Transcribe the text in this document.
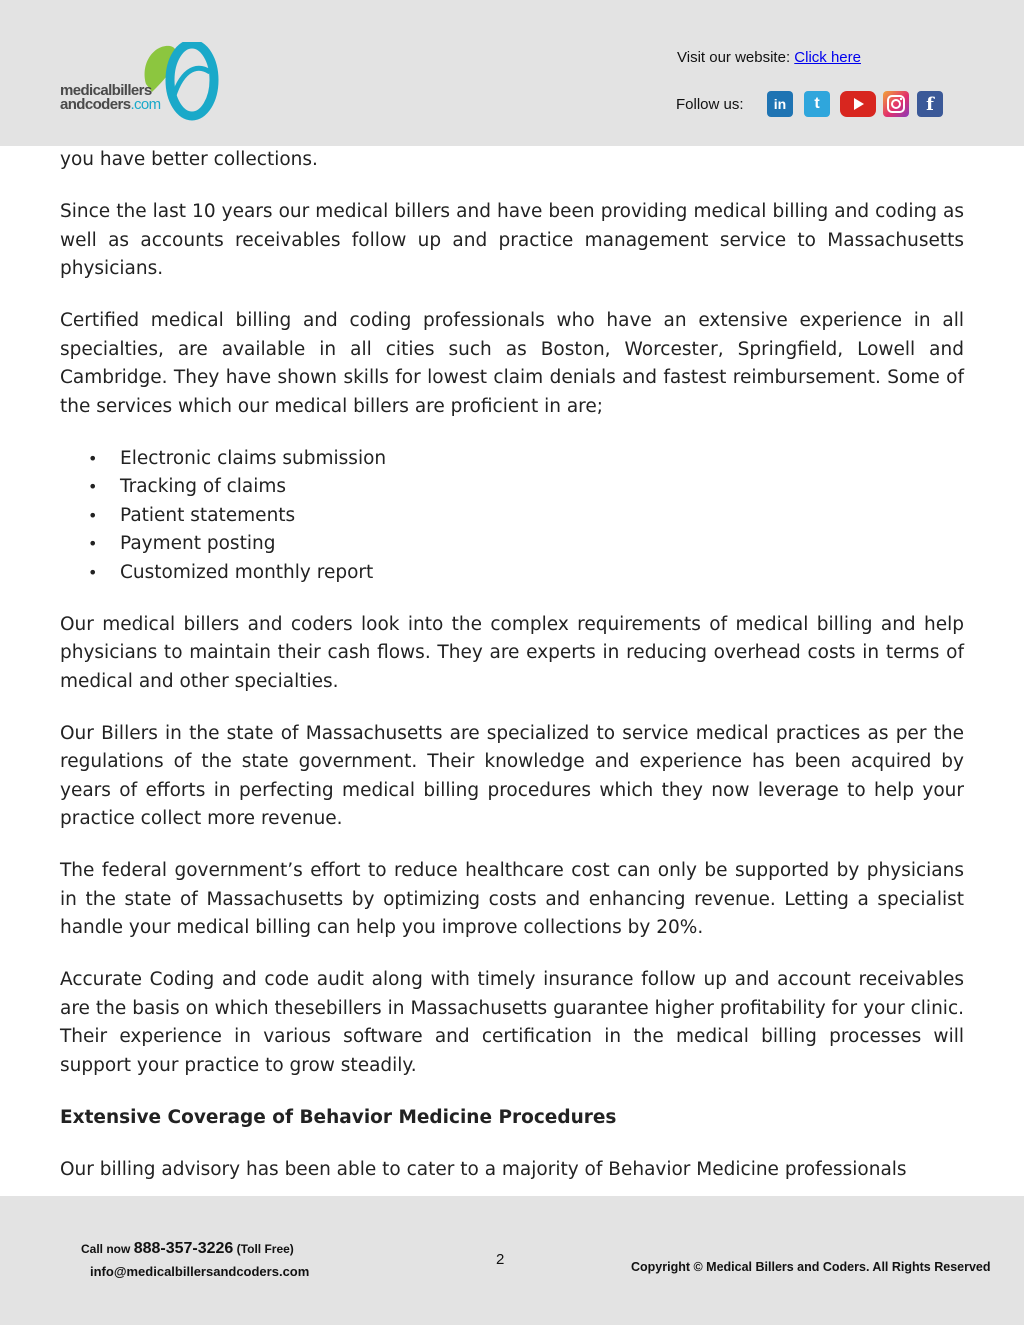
medicalbillers
andcoders.com
Visit our website: Click here
Follow us:	in	t	f

you have better collections.

Since the last 10 years our medical billers and have been providing medical billing and coding as well as accounts receivables follow up and practice management service to Massachusetts physicians.

Certified medical billing and coding professionals who have an extensive experience in all specialties, are available in all cities such as Boston, Worcester, Springfield, Lowell and Cambridge. They have shown skills for lowest claim denials and fastest reimbursement. Some of the services which our medical billers are proficient in are;

• Electronic claims submission
• Tracking of claims
• Patient statements
• Payment posting
• Customized monthly report

Our medical billers and coders look into the complex requirements of medical billing and help physicians to maintain their cash flows. They are experts in reducing overhead costs in terms of medical and other specialties.

Our Billers in the state of Massachusetts are specialized to service medical practices as per the regulations of the state government. Their knowledge and experience has been acquired by years of efforts in perfecting medical billing procedures which they now leverage to help your practice collect more revenue.

The federal government’s effort to reduce healthcare cost can only be supported by physicians in the state of Massachusetts by optimizing costs and enhancing revenue. Letting a specialist handle your medical billing can help you improve collections by 20%.

Accurate Coding and code audit along with timely insurance follow up and account receivables are the basis on which thesebillers in Massachusetts guarantee higher profitability for your clinic. Their experience in various software and certification in the medical billing processes will support your practice to grow steadily.

Extensive Coverage of Behavior Medicine Procedures

Our billing advisory has been able to cater to a majority of Behavior Medicine professionals

Call now 888-357-3226 (Toll Free)
info@medicalbillersandcoders.com
2	Copyright © Medical Billers and Coders. All Rights Reserved
